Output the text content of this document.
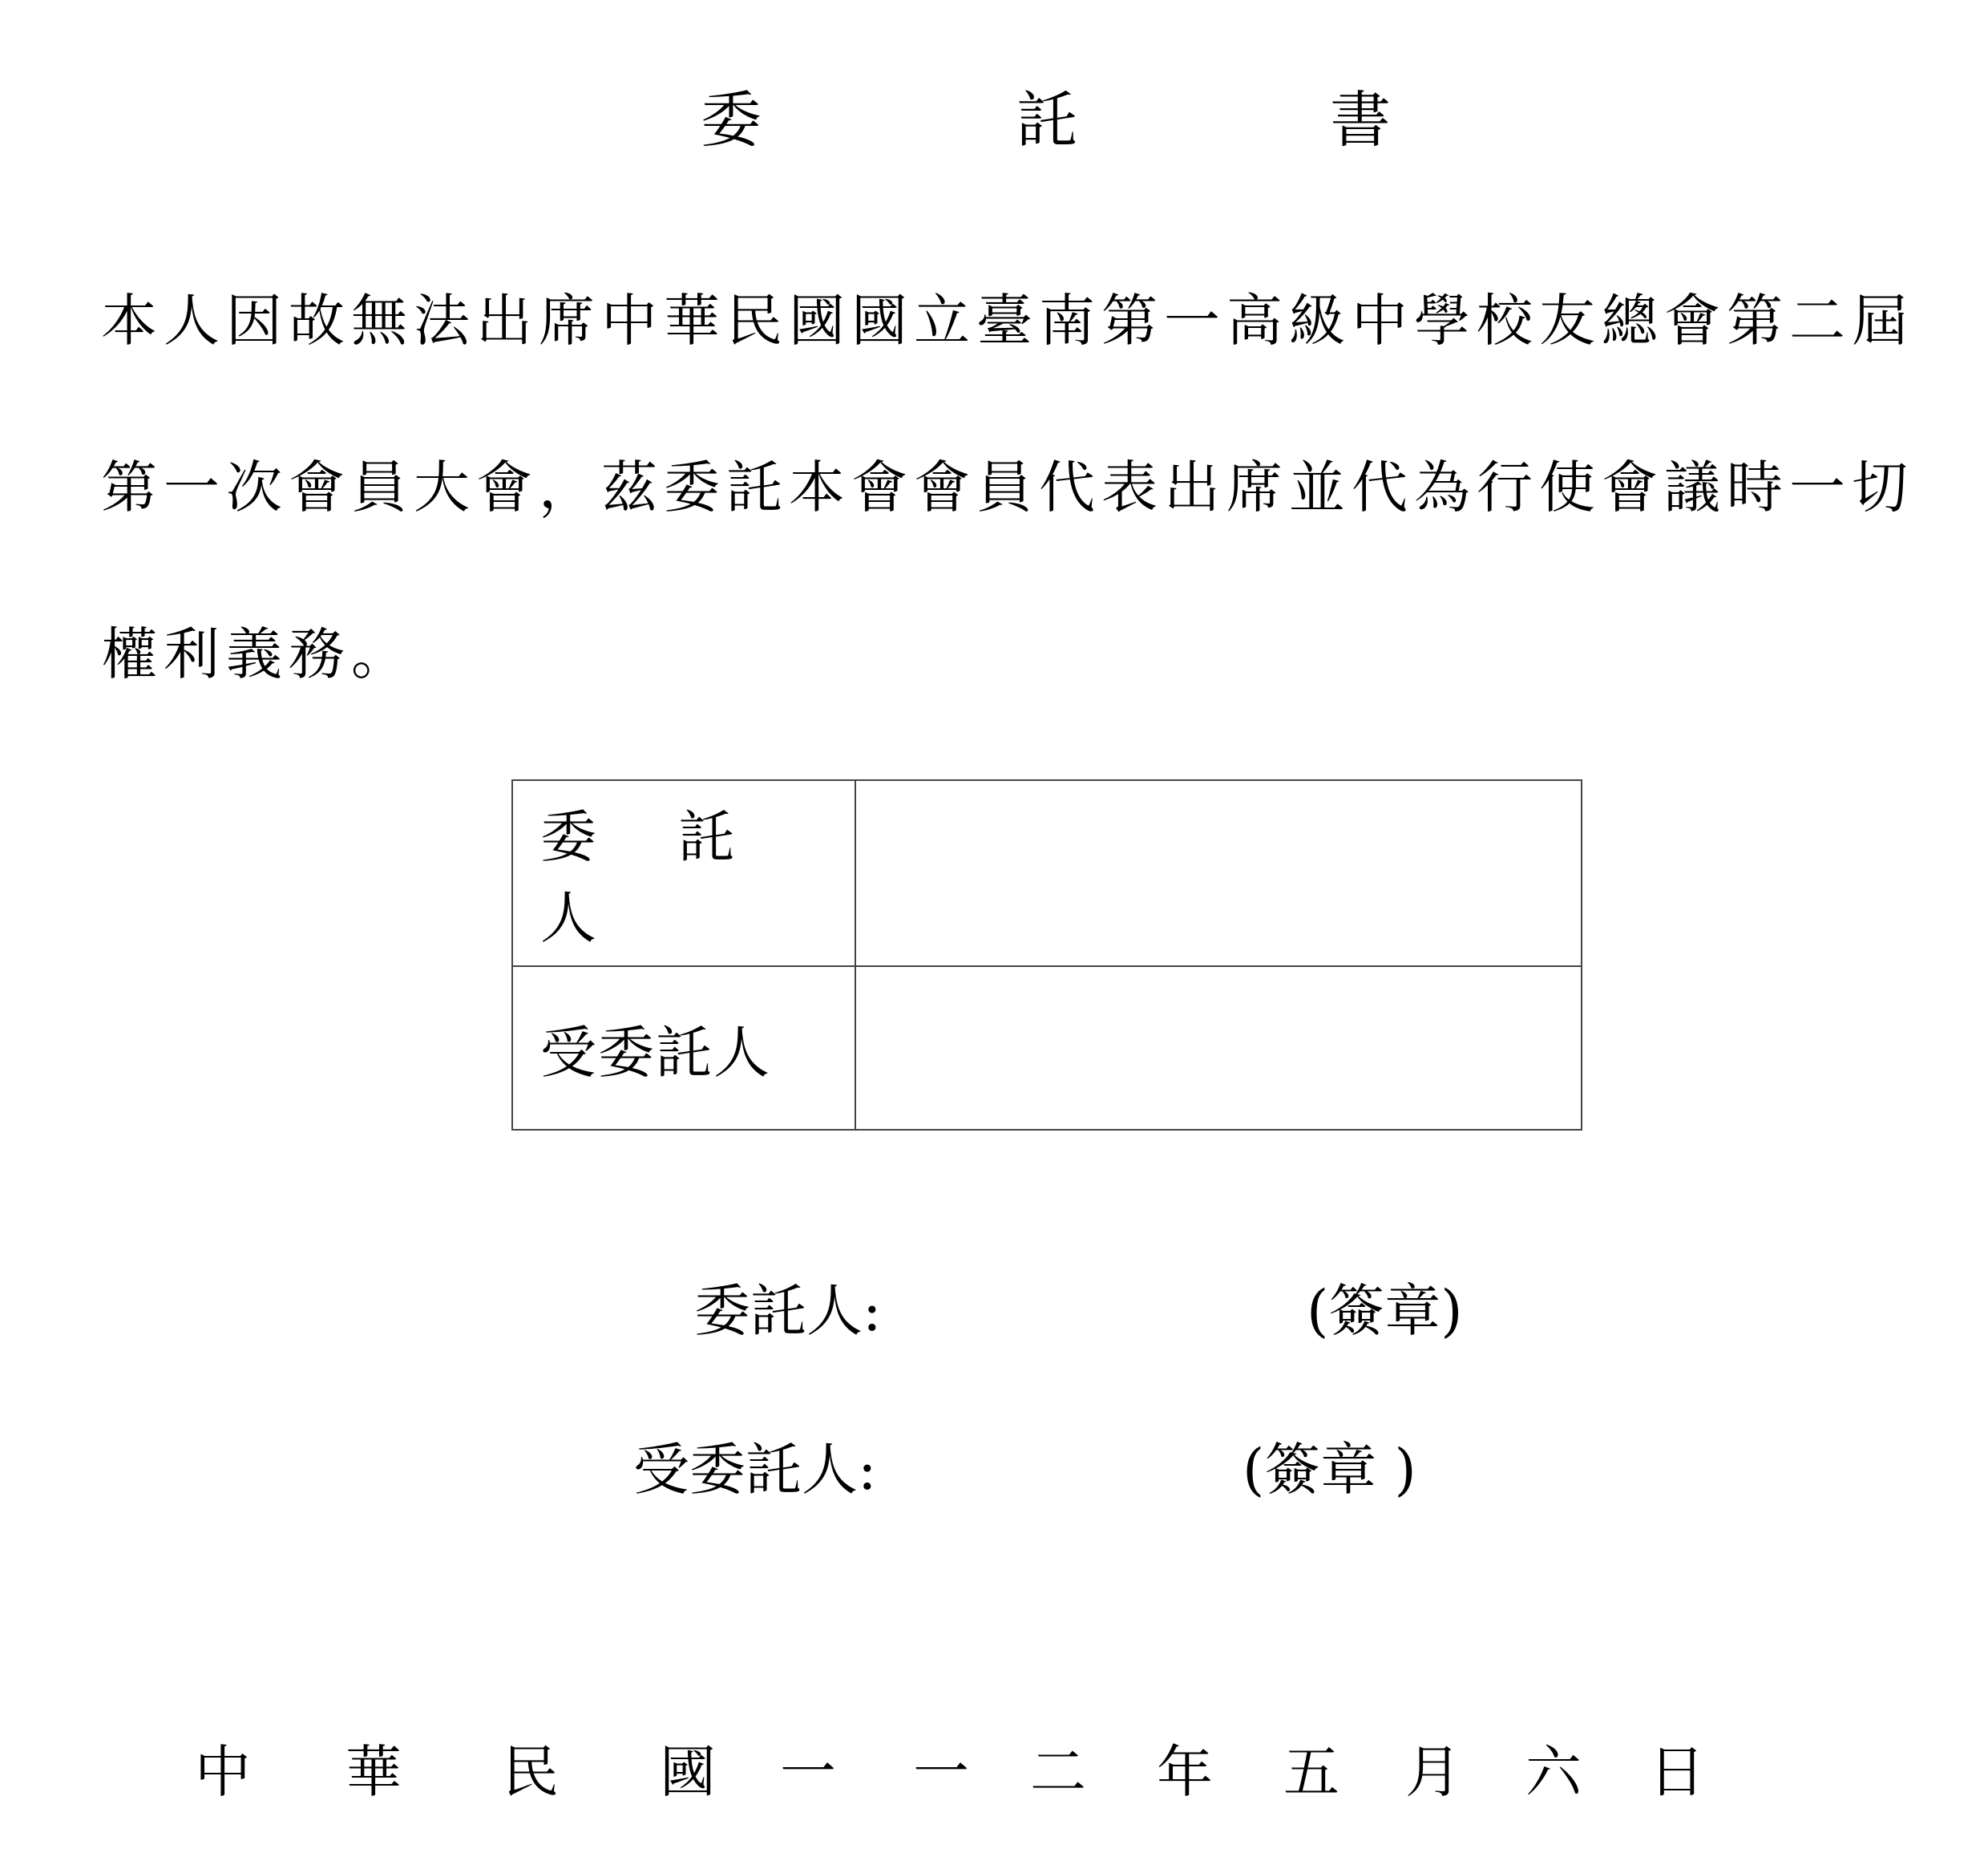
委	託	書
本人因故無法出席中華民國國立臺南第一高級中學校友總會第二屆
第一次會員大會，茲委託本會會員代表出席並代為行使會議時一切
權利義務。
委 託 人	
受委託人	
委託人:	(簽章)
受委託人:	(簽章 )
中 華 民 國 一 一 二 年 五 月 六 日
